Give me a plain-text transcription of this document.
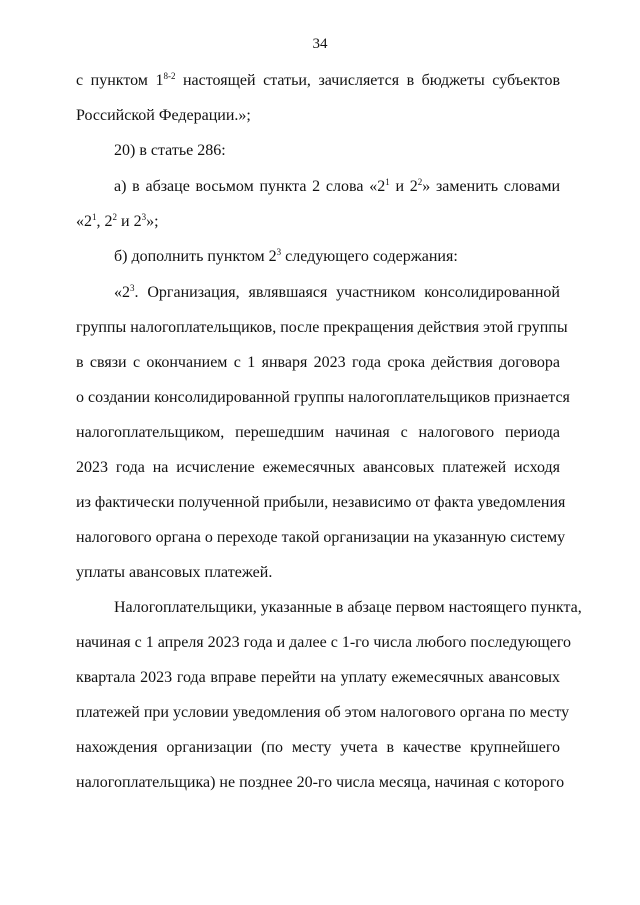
34
с пунктом 1$^{8-2}$ настоящей статьи, зачисляется в бюджеты субъектов
Российской Федерации.»;
20) в статье 286:
а) в абзаце восьмом пункта 2 слова «$2^1$ и $2^2$» заменить словами
«$2^1$, $2^2$ и $2^3$»;
б) дополнить пунктом $2^3$ следующего содержания:
«$2^3$. Организация, являвшаяся участником консолидированной
группы налогоплательщиков, после прекращения действия этой группы
в связи с окончанием с 1 января 2023 года срока действия договора
о создании консолидированной группы налогоплательщиков признается
налогоплательщиком, перешедшим начиная с налогового периода
2023 года на исчисление ежемесячных авансовых платежей исходя
из фактически полученной прибыли, независимо от факта уведомления
налогового органа о переходе такой организации на указанную систему
уплаты авансовых платежей.
Налогоплательщики, указанные в абзаце первом настоящего пункта,
начиная с 1 апреля 2023 года и далее с 1-го числа любого последующего
квартала 2023 года вправе перейти на уплату ежемесячных авансовых
платежей при условии уведомления об этом налогового органа по месту
нахождения организации (по месту учета в качестве крупнейшего
налогоплательщика) не позднее 20-го числа месяца, начиная с которого
